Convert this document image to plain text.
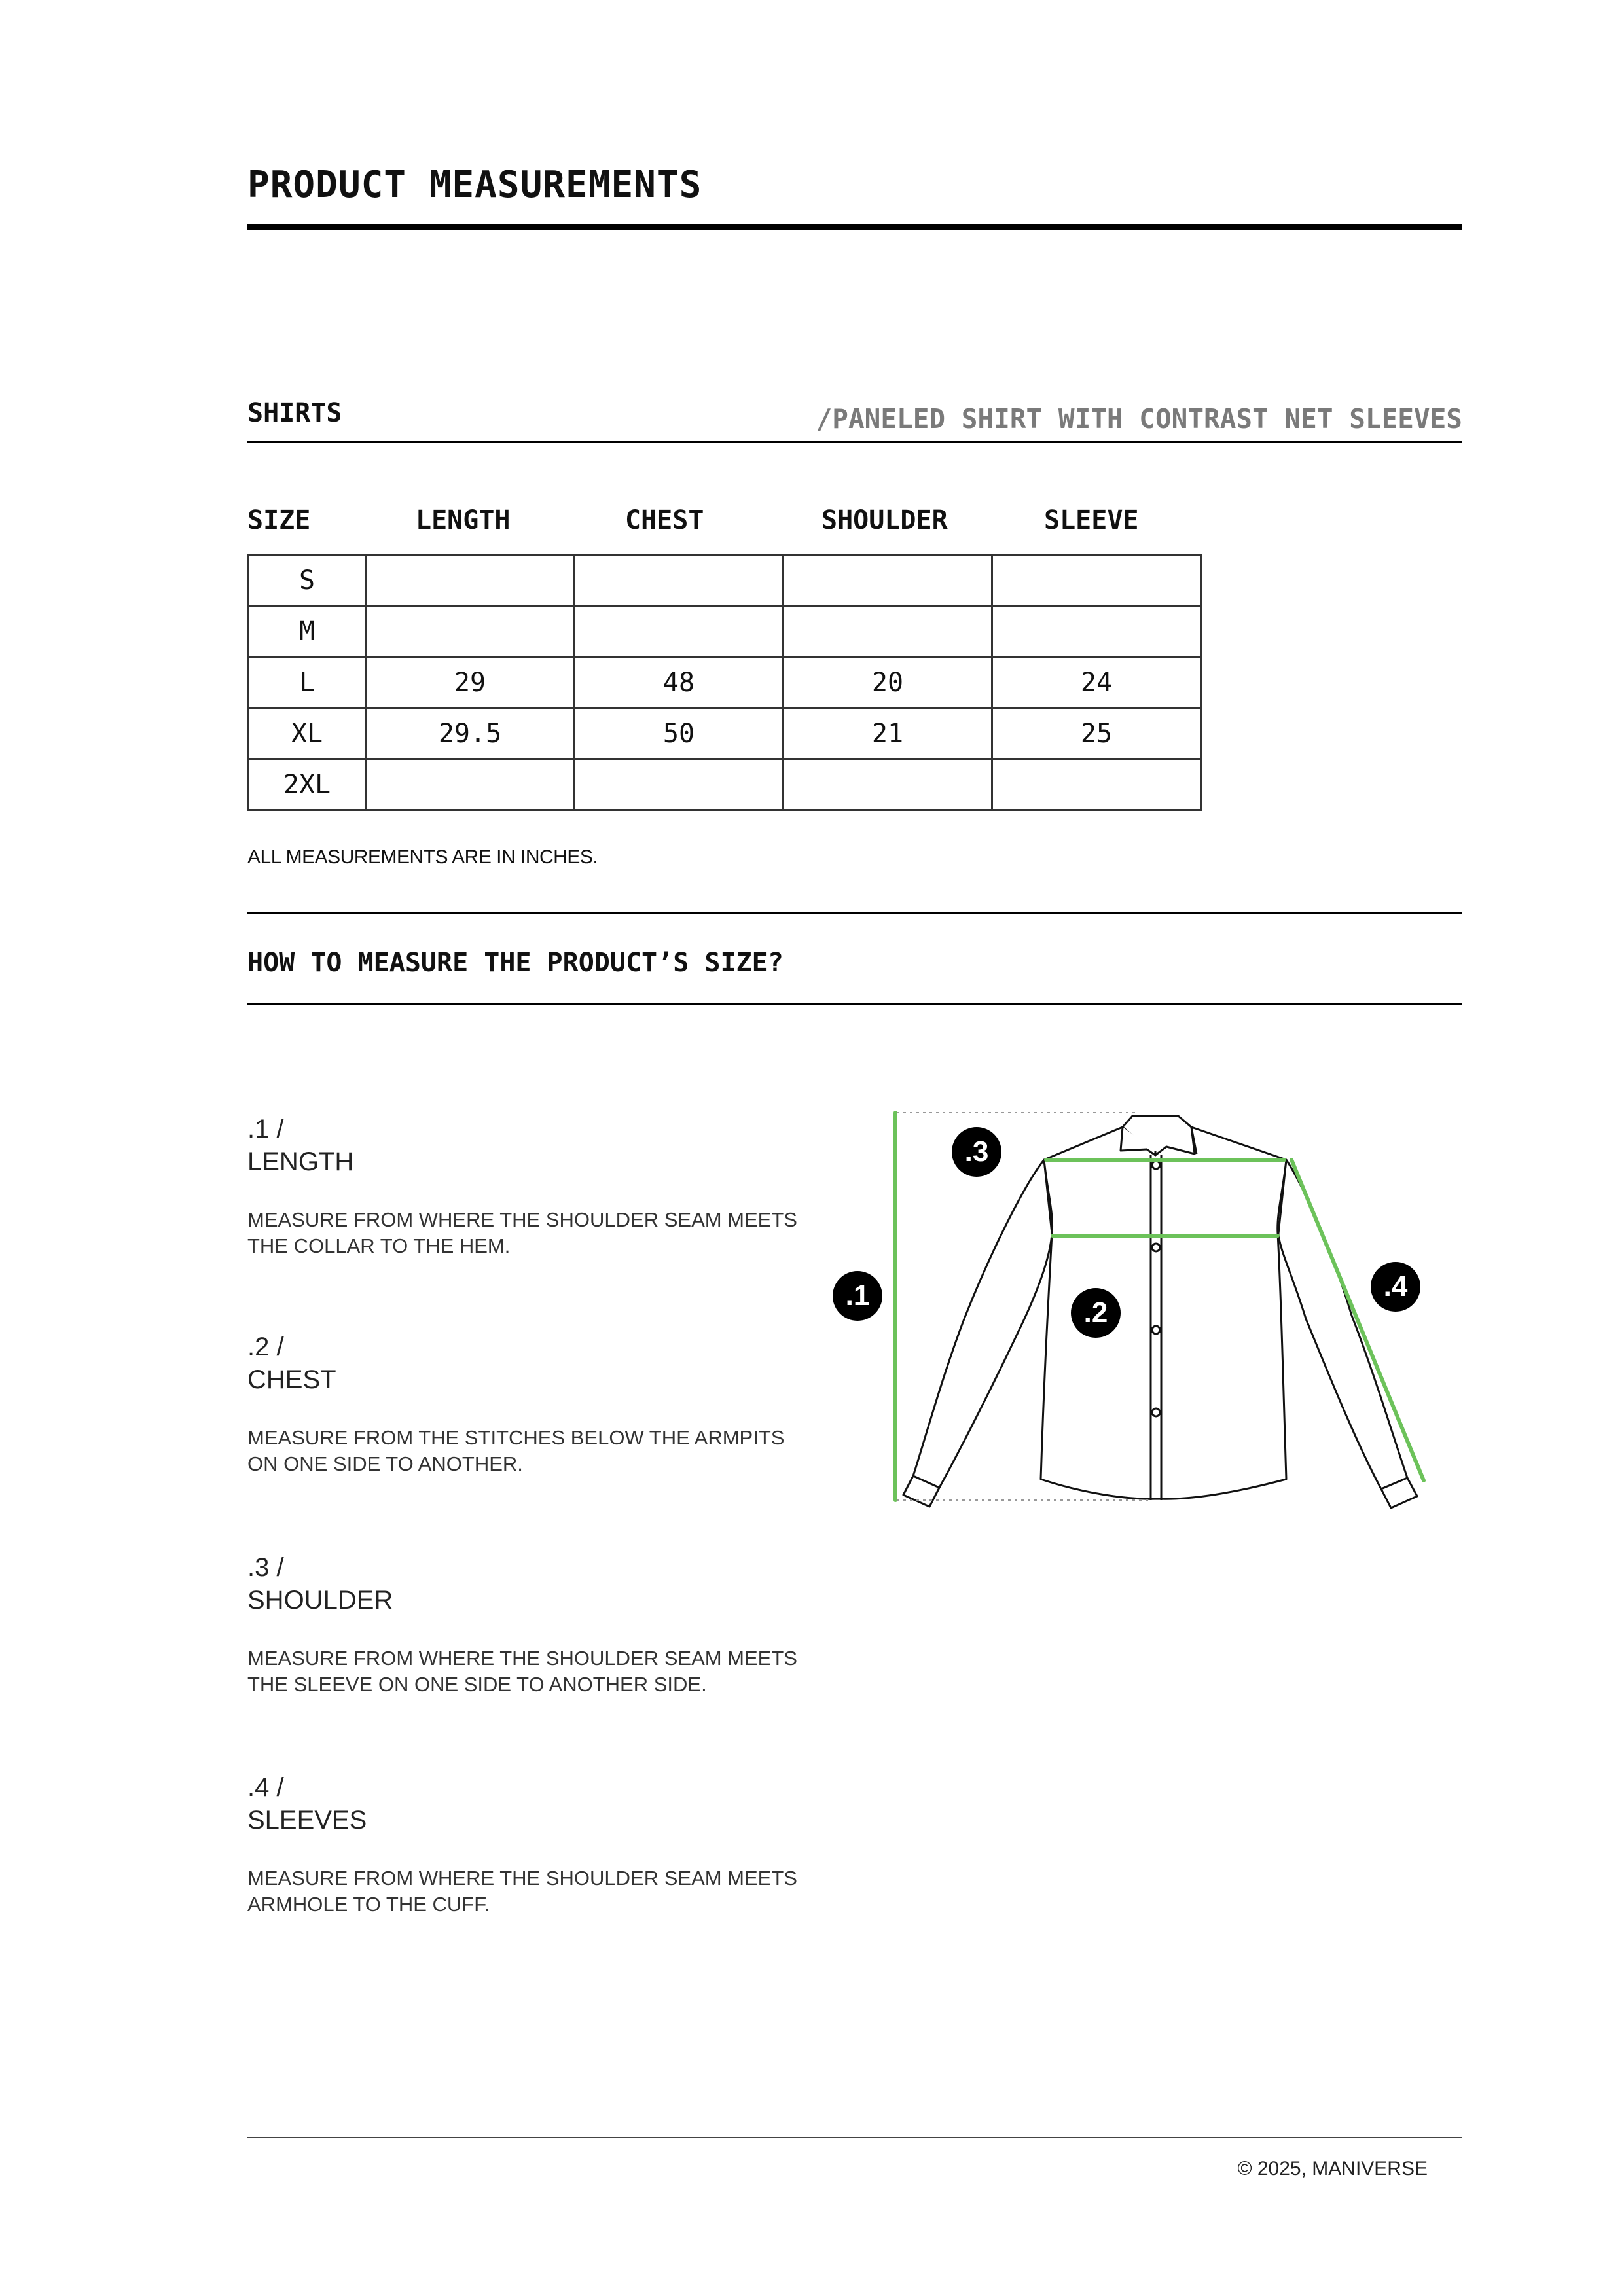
PRODUCT MEASUREMENTS
SHIRTS	/PANELED SHIRT WITH CONTRAST NET SLEEVES
SIZE	LENGTH	CHEST	SHOULDER	SLEEVE
S				
M				
L	29	48	20	24
XL	29.5	50	21	25
2XL				
ALL MEASUREMENTS ARE IN INCHES.
HOW TO MEASURE THE PRODUCT’S SIZE?
.1 /
LENGTH
MEASURE FROM WHERE THE SHOULDER SEAM MEETS THE COLLAR TO THE HEM.
.2 /
CHEST
MEASURE FROM THE STITCHES BELOW THE ARMPITS ON ONE SIDE TO ANOTHER.
.3 /
SHOULDER
MEASURE FROM WHERE THE SHOULDER SEAM MEETS THE SLEEVE ON ONE SIDE TO ANOTHER SIDE.
.4 /
SLEEVES
MEASURE FROM WHERE THE SHOULDER SEAM MEETS ARMHOLE TO THE CUFF.
.1
.2
.3
.4
© 2025, MANIVERSE
